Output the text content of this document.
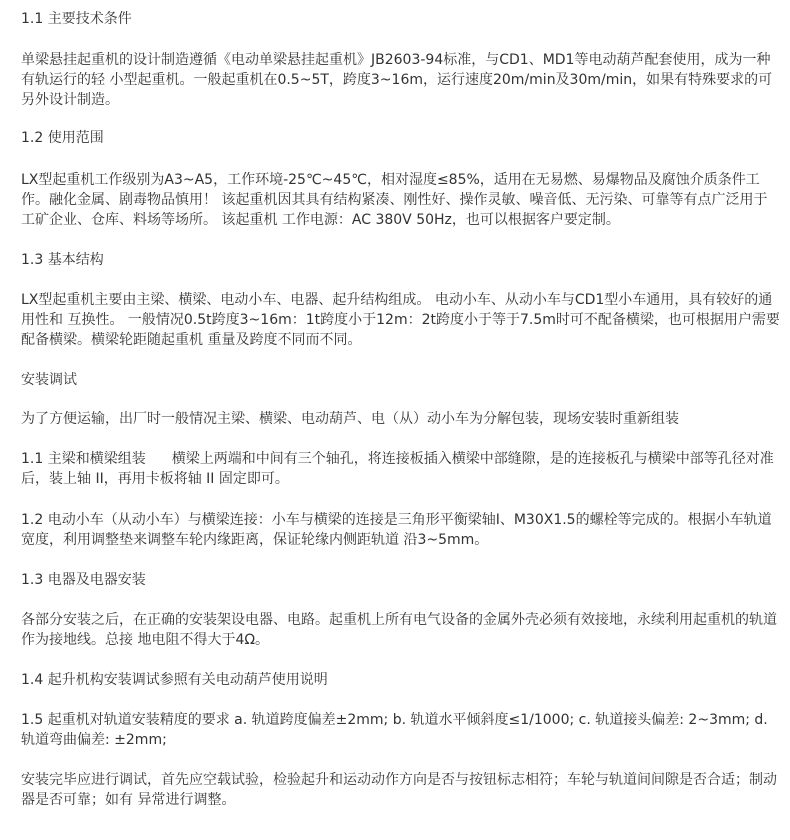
1.1 主要技术条件

单梁悬挂起重机的设计制造遵循《电动单梁悬挂起重机》JB2603-94标准，与CD1、MD1等电动葫芦配套使用，成为一种有轨运行的轻 小型起重机。一般起重机在0.5~5T，跨度3~16m，运行速度20m/min及30m/min，如果有特殊要求的可另外设计制造。

1.2 使用范围

LX型起重机工作级别为A3~A5，工作环境-25℃~45℃，相对湿度≤85%，适用在无易燃、易爆物品及腐蚀介质条件工作。融化金属、剧毒物品慎用！ 该起重机因其具有结构紧凑、刚性好、操作灵敏、噪音低、无污染、可靠等有点广泛用于工矿企业、仓库、料场等场所。 该起重机 工作电源：AC 380V 50Hz，也可以根据客户要定制。

1.3 基本结构

LX型起重机主要由主梁、横梁、电动小车、电器、起升结构组成。 电动小车、从动小车与CD1型小车通用，具有较好的通用性和 互换性。 一般情况0.5t跨度3~16m：1t跨度小于12m：2t跨度小于等于7.5m时可不配备横梁，也可根据用户需要配备横梁。横梁轮距随起重机 重量及跨度不同而不同。

安装调试

为了方便运输，出厂时一般情况主梁、横梁、电动葫芦、电（从）动小车为分解包装，现场安装时重新组装

1.1 主梁和横梁组装 横梁上两端和中间有三个轴孔，将连接板插入横梁中部缝隙，是的连接板孔与横梁中部等孔径对准后，装上轴 II，再用卡板将轴 II 固定即可。

1.2 电动小车（从动小车）与横梁连接：小车与横梁的连接是三角形平衡梁轴I、M30X1.5的螺栓等完成的。根据小车轨道宽度，利用调整垫来调整车轮内缘距离，保证轮缘内侧距轨道 沿3~5mm。

1.3 电器及电器安装

各部分安装之后，在正确的安装架设电器、电路。起重机上所有电气设备的金属外壳必须有效接地，永续利用起重机的轨道作为接地线。总接 地电阻不得大于4Ω。

1.4 起升机构安装调试参照有关电动葫芦使用说明

1.5 起重机对轨道安装精度的要求 a. 轨道跨度偏差±2mm; b. 轨道水平倾斜度≤1/1000; c. 轨道接头偏差: 2~3mm; d. 轨道弯曲偏差: ±2mm;

安装完毕应进行调试，首先应空载试验，检验起升和运动动作方向是否与按钮标志相符；车轮与轨道间间隙是否合适；制动器是否可靠；如有 异常进行调整。
